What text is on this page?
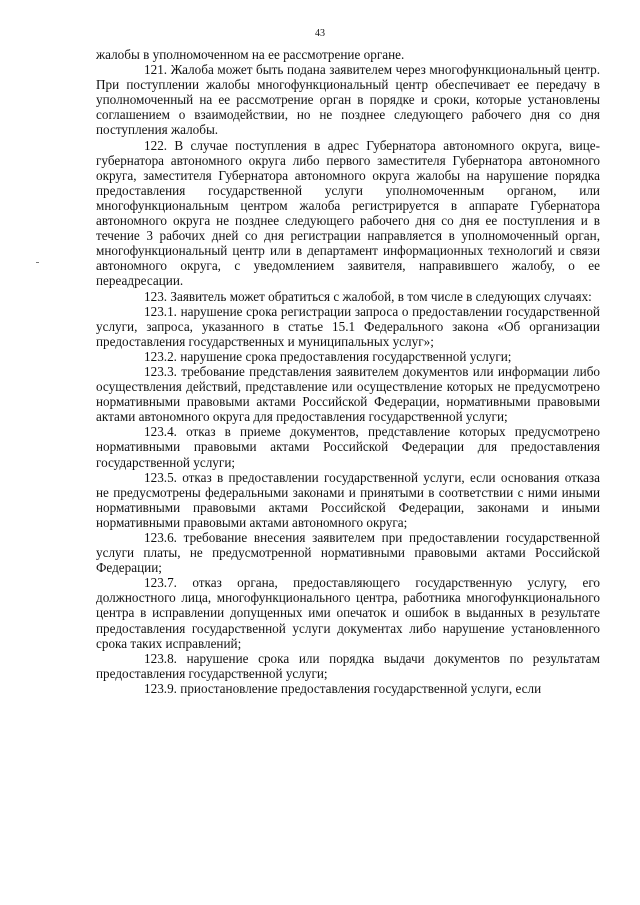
43

жалобы в уполномоченном на ее рассмотрение органе.

121. Жалоба может быть подана заявителем через многофункциональный центр. При поступлении жалобы многофункциональный центр обеспечивает ее передачу в уполномоченный на ее рассмотрение орган в порядке и сроки, которые установлены соглашением о взаимодействии, но не позднее следующего рабочего дня со дня поступления жалобы.

122. В случае поступления в адрес Губернатора автономного округа, вице-губернатора автономного округа либо первого заместителя Губернатора автономного округа, заместителя Губернатора автономного округа жалобы на нарушение порядка предоставления государственной услуги уполномоченным органом, или многофункциональным центром жалоба регистрируется в аппарате Губернатора автономного округа не позднее следующего рабочего дня со дня ее поступления и в течение 3 рабочих дней со дня регистрации направляется в уполномоченный орган, многофункциональный центр или в департамент информационных технологий и связи автономного округа, с уведомлением заявителя, направившего жалобу, о ее переадресации.

123. Заявитель может обратиться с жалобой, в том числе в следующих случаях:

123.1. нарушение срока регистрации запроса о предоставлении государственной услуги, запроса, указанного в статье 15.1 Федерального закона «Об организации предоставления государственных и муниципальных услуг»;

123.2. нарушение срока предоставления государственной услуги;

123.3. требование представления заявителем документов или информации либо осуществления действий, представление или осуществление которых не предусмотрено нормативными правовыми актами Российской Федерации, нормативными правовыми актами автономного округа для предоставления государственной услуги;

123.4. отказ в приеме документов, представление которых предусмотрено нормативными правовыми актами Российской Федерации для предоставления государственной услуги;

123.5. отказ в предоставлении государственной услуги, если основания отказа не предусмотрены федеральными законами и принятыми в соответствии с ними иными нормативными правовыми актами Российской Федерации, законами и иными нормативными правовыми актами автономного округа;

123.6. требование внесения заявителем при предоставлении государственной услуги платы, не предусмотренной нормативными правовыми актами Российской Федерации;

123.7. отказ органа, предоставляющего государственную услугу, его должностного лица, многофункционального центра, работника многофункционального центра в исправлении допущенных ими опечаток и ошибок в выданных в результате предоставления государственной услуги документах либо нарушение установленного срока таких исправлений;

123.8. нарушение срока или порядка выдачи документов по результатам предоставления государственной услуги;

123.9. приостановление предоставления государственной услуги, если
